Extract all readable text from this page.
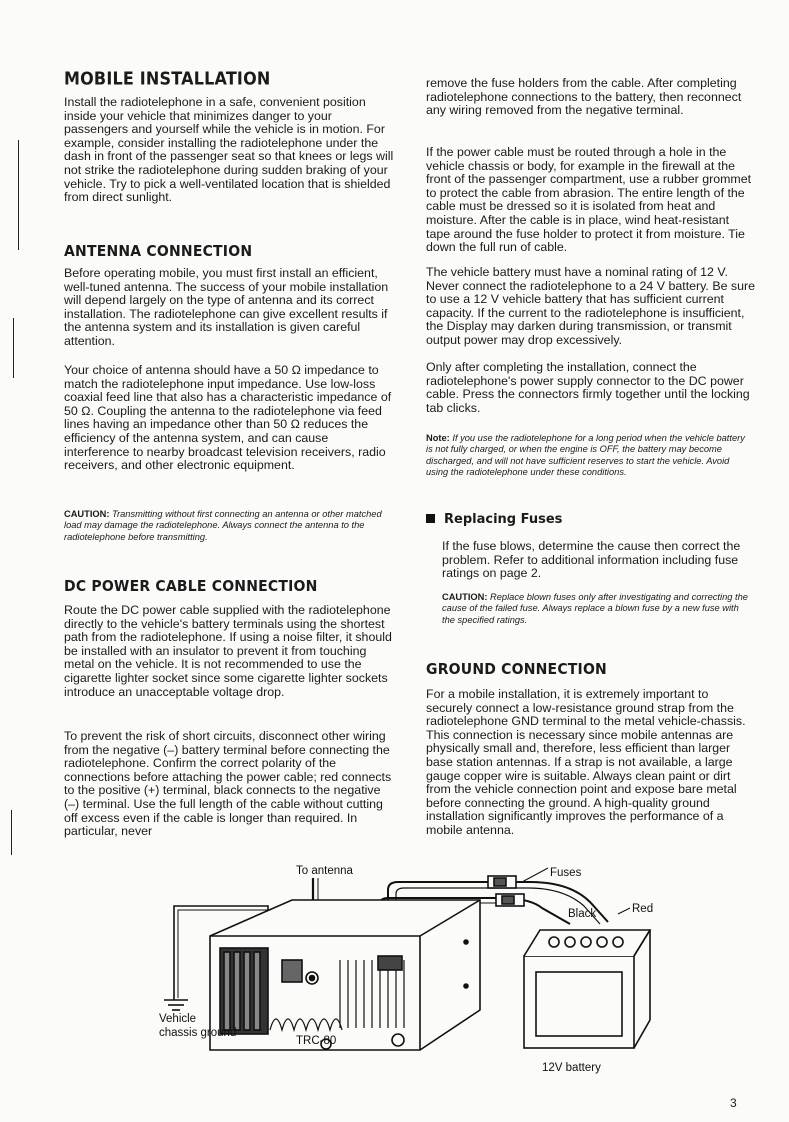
MOBILE INSTALLATION

Install the radiotelephone in a safe, convenient position inside your vehicle that minimizes danger to your passengers and yourself while the vehicle is in motion. For example, consider installing the radiotelephone under the dash in front of the passenger seat so that knees or legs will not strike the radiotelephone during sudden braking of your vehicle. Try to pick a well-ventilated location that is shielded from direct sunlight.

ANTENNA CONNECTION

Before operating mobile, you must first install an efficient, well-tuned antenna. The success of your mobile installation will depend largely on the type of antenna and its correct installation. The radiotelephone can give excellent results if the antenna system and its installation is given careful attention.

Your choice of antenna should have a 50 Ω impedance to match the radiotelephone input impedance. Use low-loss coaxial feed line that also has a characteristic impedance of 50 Ω. Coupling the antenna to the radiotelephone via feed lines having an impedance other than 50 Ω reduces the efficiency of the antenna system, and can cause interference to nearby broadcast television receivers, radio receivers, and other electronic equipment.

CAUTION: Transmitting without first connecting an antenna or other matched load may damage the radiotelephone. Always connect the antenna to the radiotelephone before transmitting.

DC POWER CABLE CONNECTION

Route the DC power cable supplied with the radiotelephone directly to the vehicle's battery terminals using the shortest path from the radiotelephone. If using a noise filter, it should be installed with an insulator to prevent it from touching metal on the vehicle. It is not recommended to use the cigarette lighter socket since some cigarette lighter sockets introduce an unacceptable voltage drop.

To prevent the risk of short circuits, disconnect other wiring from the negative (–) battery terminal before connecting the radiotelephone. Confirm the correct polarity of the connections before attaching the power cable; red connects to the positive (+) terminal, black connects to the negative (–) terminal. Use the full length of the cable without cutting off excess even if the cable is longer than required. In particular, never

remove the fuse holders from the cable. After completing radiotelephone connections to the battery, then reconnect any wiring removed from the negative terminal.

If the power cable must be routed through a hole in the vehicle chassis or body, for example in the firewall at the front of the passenger compartment, use a rubber grommet to protect the cable from abrasion. The entire length of the cable must be dressed so it is isolated from heat and moisture. After the cable is in place, wind heat-resistant tape around the fuse holder to protect it from moisture. Tie down the full run of cable.

The vehicle battery must have a nominal rating of 12 V. Never connect the radiotelephone to a 24 V battery. Be sure to use a 12 V vehicle battery that has sufficient current capacity. If the current to the radiotelephone is insufficient, the Display may darken during transmission, or transmit output power may drop excessively.

Only after completing the installation, connect the radiotelephone's power supply connector to the DC power cable. Press the connectors firmly together until the locking tab clicks.

Note: If you use the radiotelephone for a long period when the vehicle battery is not fully charged, or when the engine is OFF, the battery may become discharged, and will not have sufficient reserves to start the vehicle. Avoid using the radiotelephone under these conditions.

Replacing Fuses

If the fuse blows, determine the cause then correct the problem. Refer to additional information including fuse ratings on page 2.

CAUTION: Replace blown fuses only after investigating and correcting the cause of the failed fuse. Always replace a blown fuse by a new fuse with the specified ratings.

GROUND CONNECTION

For a mobile installation, it is extremely important to securely connect a low-resistance ground strap from the radiotelephone GND terminal to the metal vehicle-chassis. This connection is necessary since mobile antennas are physically small and, therefore, less efficient than larger base station antennas. If a strap is not available, a large gauge copper wire is suitable. Always clean paint or dirt from the vehicle connection point and expose bare metal before connecting the ground. A high-quality ground installation significantly improves the performance of a mobile antenna.

To antenna	Fuses
Black	Red
Vehicle
chassis ground
TRC-80
12V battery
3
